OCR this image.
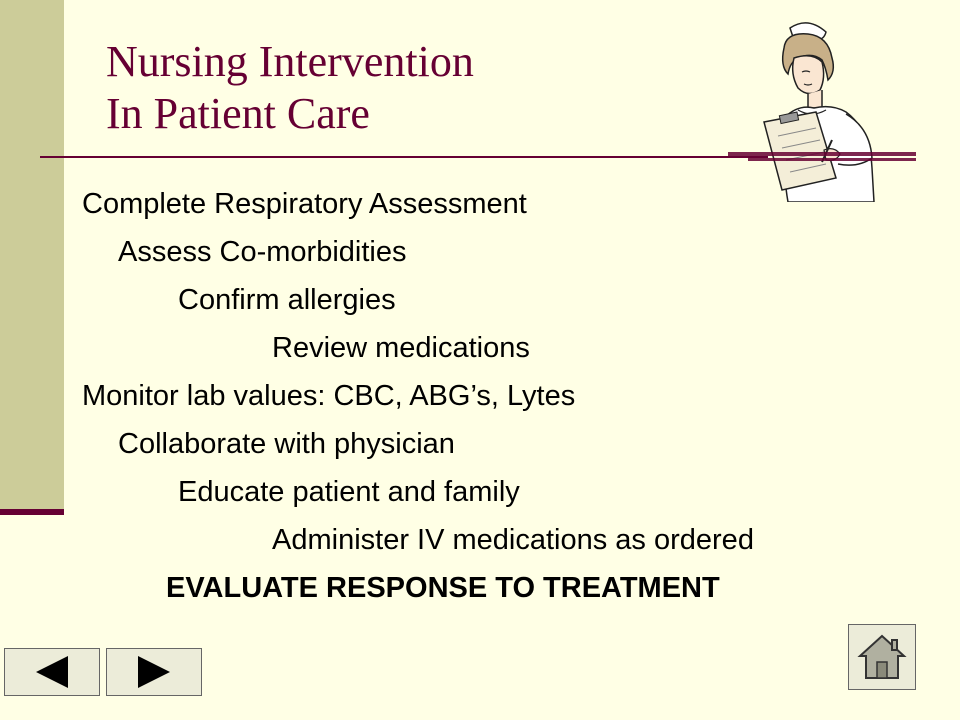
Nursing Intervention
In Patient Care
Complete Respiratory Assessment
Assess Co-morbidities
Confirm allergies
Review medications
Monitor lab values: CBC, ABG’s, Lytes
Collaborate with physician
Educate patient and family
Administer IV medications as ordered
EVALUATE RESPONSE TO TREATMENT
